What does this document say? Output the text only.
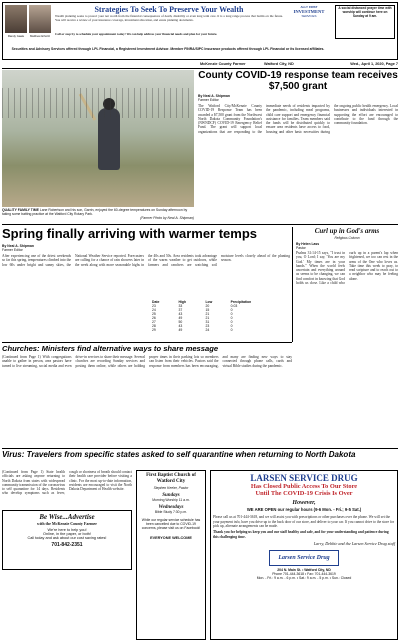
Randy Gaale	Matthew Erholtz
Strategies To Seek To Preserve Your Wealth
Wealth planning seeks to protect your net worth from the financial consequences of death, disability or even long term care. It is a long range process that builds on the future. You will receive a review of your insurance coverage, investment allocation, and estate planning documents.
Call or stop by to schedule your appointment today! We can help address your financial needs and plan for your future.
ALLY FIRST
INVESTMENT
SERVICES
A social distanced prayer time with worship will continue here on Sunday at 9 am.
Securities and Advisory Services offered through LPL Financial, a Registered Investment Advisor. Member FINRA/SIPC Insurance products offered through LPL Financial or its licensed affiliates.
McKenzie County Farmer	Watford City, ND	Wed., April 1, 2020, Page 7
QUALITY FAMILY TIME Lane Robertson and his son, Garrin, enjoyed the 60-degree temperatures on Sunday afternoon by taking some batting practice at the Watford City Rotary Park.
(Farmer Photo by Neal A. Shipman)
County COVID-19 response team receives $7,500 grant
By Neal A. Shipman
Farmer Editor
The Watford City/McKenzie County COVID-19 Response Team has been awarded a $7,500 grant from the Northwest North Dakota Community Foundation's (NWNDCF) COVID-19 Emergency Relief Fund. The grant will support local organizations that are responding to the immediate needs of residents impacted by the pandemic, including meal programs, child care support and emergency financial assistance for families. Team members said the funds will be distributed quickly to ensure area residents have access to food, housing and other basic necessities during the ongoing public health emergency. Local businesses and individuals interested in supporting the effort are encouraged to contribute to the fund through the community foundation.
Spring finally arriving with warmer temps
By Neal A. Shipman
Farmer Editor
After experiencing one of the driest weekends so far this spring, temperatures climbed into the low 60s under bright and sunny skies, the National Weather Service reported. Forecasters are calling for a chance of rain showers later in the week along with more seasonable highs in the 40s and 50s. Area residents took advantage of the warm weather to get outdoors, while farmers and ranchers are watching soil moisture levels closely ahead of the planting season.
Date	High	Low	Precipitation
23	33	20	0.03
24	37	15	0
25	43	21	0
26	49	21	0
27	50	31	0
28	43	23	0
29	49	24	0
Curl up in God's arms
Religious Column
By Helen Lass
Pastor
Psalms 31:14-15 says, "I trust in you, O Lord; I say, 'You are my God.' My times are in your hands." When the world feels uncertain and everything around us seems to be changing, we can find comfort in knowing that God holds us close. Like a child who curls up in a parent's lap when frightened, we too can rest in the arms of the One who loves us. Take time this week to pray, to read scripture and to reach out to a neighbor who may be feeling alone.
Churches: Ministers find alternative ways to share message
(Continued from Page 1) With congregations unable to gather in person, area pastors have turned to live streaming, social media and even drive-in services to share their message. Several churches are recording Sunday services and posting them online, while others are holding prayer times in their parking lots so members can listen from their vehicles. Pastors said the response from members has been encouraging, and many are finding new ways to stay connected through phone calls, cards and virtual Bible studies during the pandemic.
Virus: Travelers from specific states asked to self quarantine when returning to North Dakota
(Continued from Page 1) State health officials are asking anyone returning to North Dakota from states with widespread community transmission of the coronavirus to self quarantine for 14 days. Residents who develop symptoms such as fever, cough or shortness of breath should contact their health care provider before visiting a clinic. For the most up-to-date information, residents are encouraged to visit the North Dakota Department of Health website.
Be Wise...Advertise
with the McKenzie County Farmer
We're here to help you!
Online, in the paper, or both!
Call today and ask about our cost saving rates!
701-842-2351
First Baptist Church of Watford City
Stephen Keeler, Pastor
Sundays
Morning Worship 11 a.m.
Wednesdays
Bible Study 7:30 p.m.
While our regular service schedule has been cancelled due to COVID-19 concerns, please visit us on Facebook!
EVERYONE WELCOME
LARSEN SERVICE DRUG
Has Closed Public Access To Our Store
Until The COVID-19 Crisis Is Over
However,
WE ARE OPEN our regular hours (9-6 Mon. - Fri.; 9-5 Sat.)
Please call us at 701-444-3618, and we will assist you with prescriptions or other purchases over the phone. We will set the your payment info, have you drive up to the back door of our store, and deliver to your car. If you cannot drive to the store for pick up, alternate arrangements can be made.
Thank you for helping us keep you and our staff healthy and safe, and for your understanding and patience during this challenging time.
Larry, Debbie and the Larsen Service Drug staff
Larsen Service Drug
204 N. Main St. • Watford City, ND
Phone 701-444-3618 • Fax: 701-444-3619
Mon. - Fri.: 9 a.m. - 6 p.m. • Sat.: 9 a.m. - 5 p.m. • Sun.: Closed
